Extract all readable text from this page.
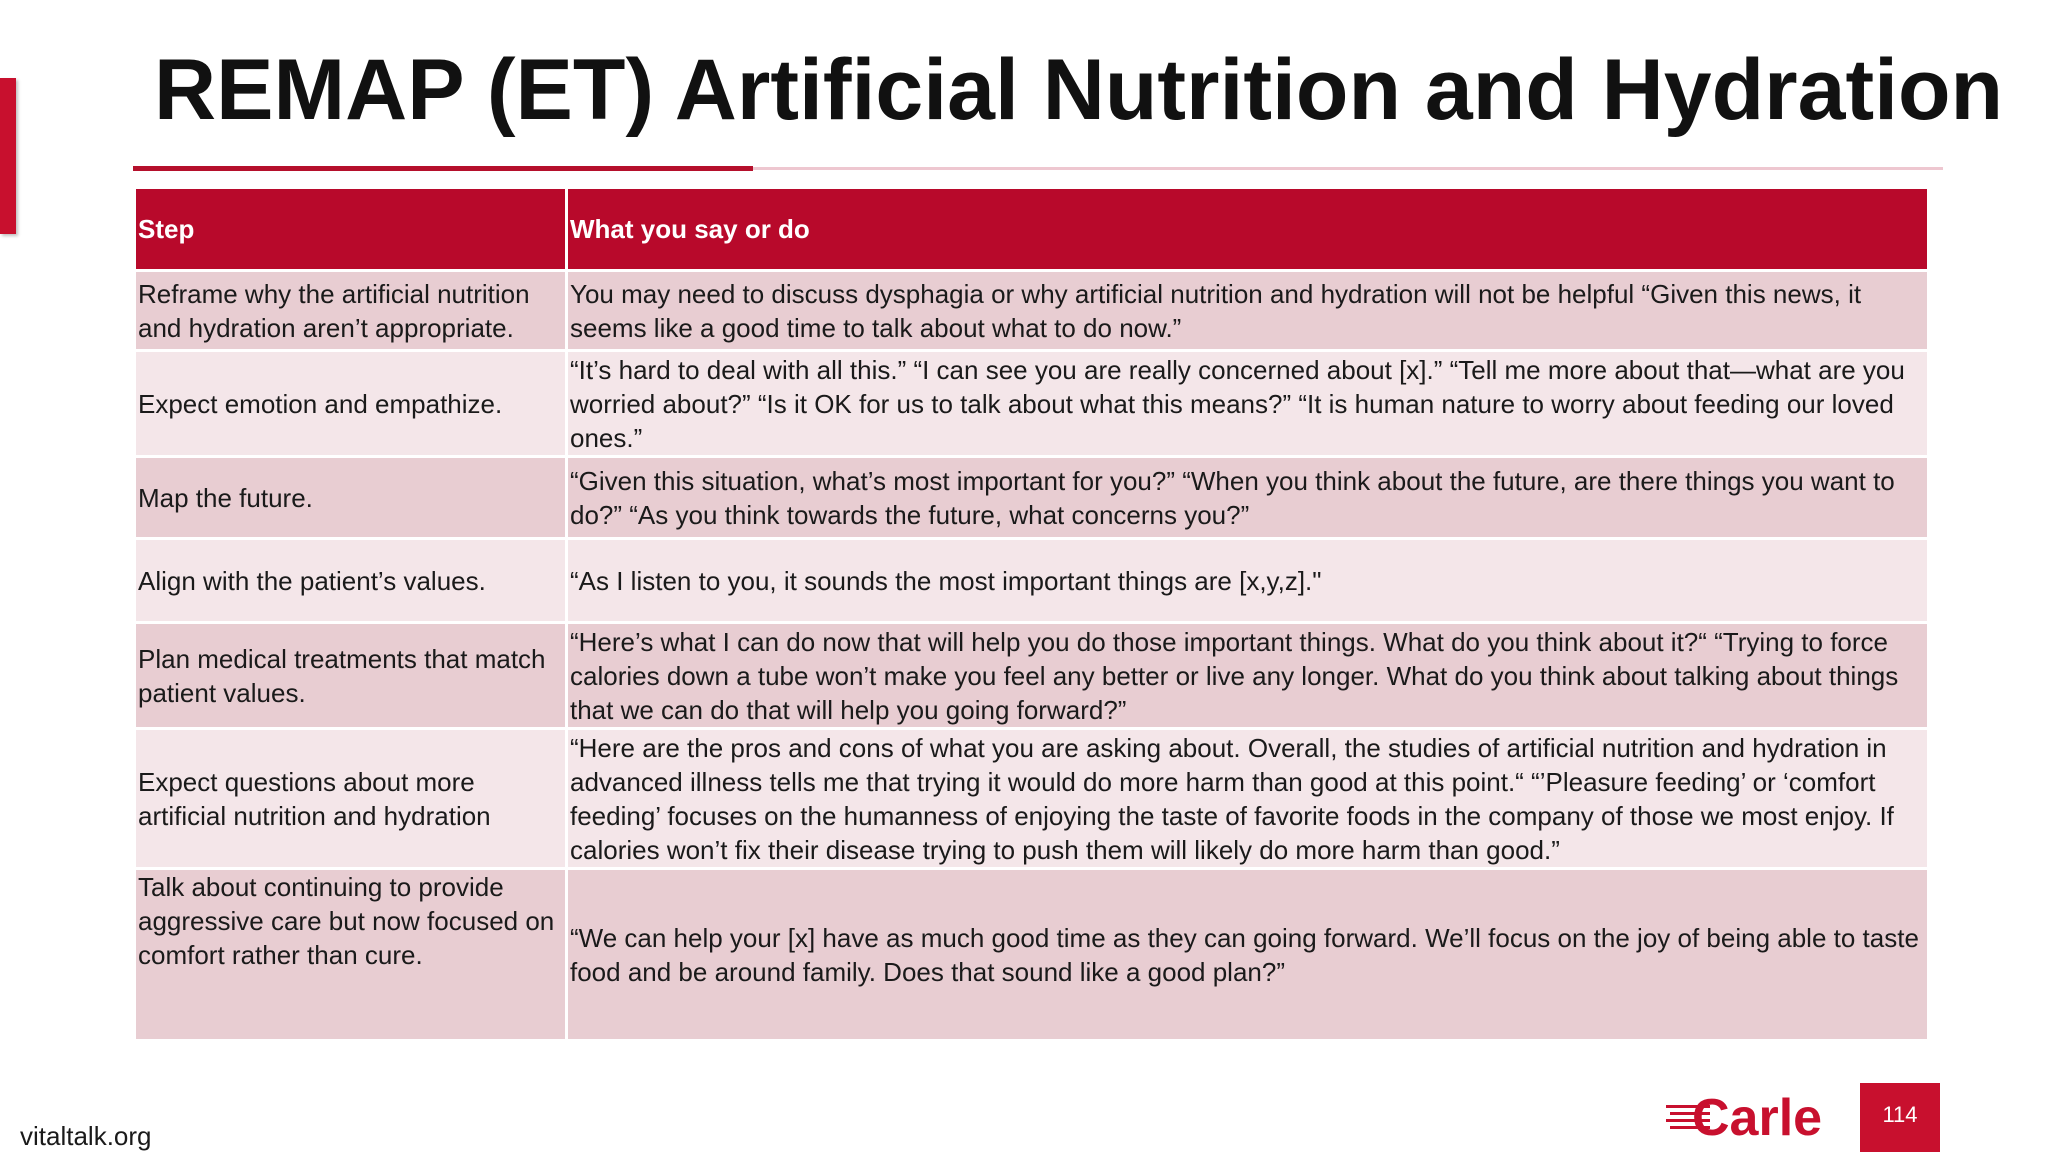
REMAP (ET) Artificial Nutrition and Hydration
Step	What you say or do
Reframe why the artificial nutrition and hydration aren’t appropriate.	You may need to discuss dysphagia or why artificial nutrition and hydration will not be helpful “Given this news, it seems like a good time to talk about what to do now.”
Expect emotion and empathize.	“It’s hard to deal with all this.” “I can see you are really concerned about [x].” “Tell me more about that—what are you worried about?” “Is it OK for us to talk about what this means?” “It is human nature to worry about feeding our loved ones.”
Map the future.	“Given this situation, what’s most important for you?” “When you think about the future, are there things you want to do?” “As you think towards the future, what concerns you?”
Align with the patient’s values.	“As I listen to you, it sounds the most important things are [x,y,z]."
Plan medical treatments that match patient values.	“Here’s what I can do now that will help you do those important things. What do you think about it?“ “Trying to force calories down a tube won’t make you feel any better or live any longer. What do you think about talking about things that we can do that will help you going forward?”
Expect questions about more artificial nutrition and hydration	“Here are the pros and cons of what you are asking about. Overall, the studies of artificial nutrition and hydration in advanced illness tells me that trying it would do more harm than good at this point.“ “’Pleasure feeding’ or ‘comfort feeding’ focuses on the humanness of enjoying the taste of favorite foods in the company of those we most enjoy. If calories won’t fix their disease trying to push them will likely do more harm than good.”
Talk about continuing to provide aggressive care but now focused on comfort rather than cure.	“We can help your [x] have as much good time as they can going forward. We’ll focus on the joy of being able to taste food and be around family. Does that sound like a good plan?”
vitaltalk.org	Carle	114
